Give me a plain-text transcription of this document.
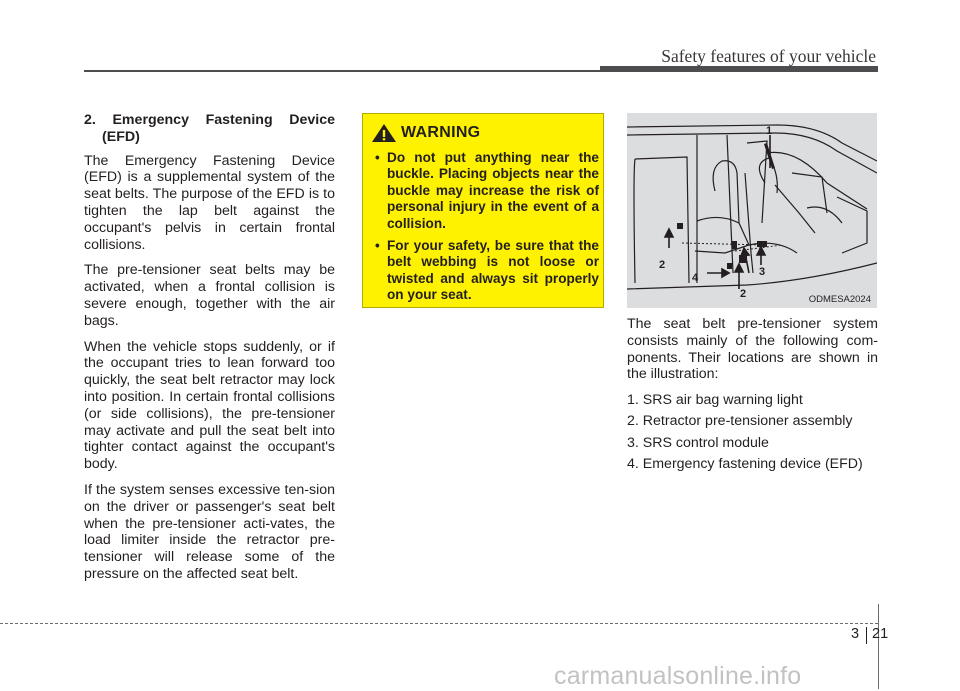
Safety features of your vehicle
2. Emergency Fastening Device (EFD)

The Emergency Fastening Device (EFD) is a supplemental system of the seat belts. The purpose of the EFD is to tighten the lap belt against the occupant's pelvis in certain frontal collisions.

The pre-tensioner seat belts may be activated, when a frontal collision is severe enough, together with the air bags.

When the vehicle stops suddenly, or if the occupant tries to lean forward too quickly, the seat belt retractor may lock into position. In certain frontal collisions (or side collisions), the pre-tensioner may activate and pull the seat belt into tighter contact against the occupant's body.

If the system senses excessive ten-sion on the driver or passenger's seat belt when the pre-tensioner acti-vates, the load limiter inside the retractor pre-tensioner will release some of the pressure on the affected seat belt.

WARNING
• Do not put anything near the buckle. Placing objects near the buckle may increase the risk of personal injury in the event of a collision.
• For your safety, be sure that the belt webbing is not loose or twisted and always sit properly on your seat.
1
2
2
3
4
ODMESA2024

The seat belt pre-tensioner system consists mainly of the following com-ponents. Their locations are shown in the illustration:

1. SRS air bag warning light
2. Retractor pre-tensioner assembly
3. SRS control module
4. Emergency fastening device (EFD)
3 21
carmanualsonline.info
